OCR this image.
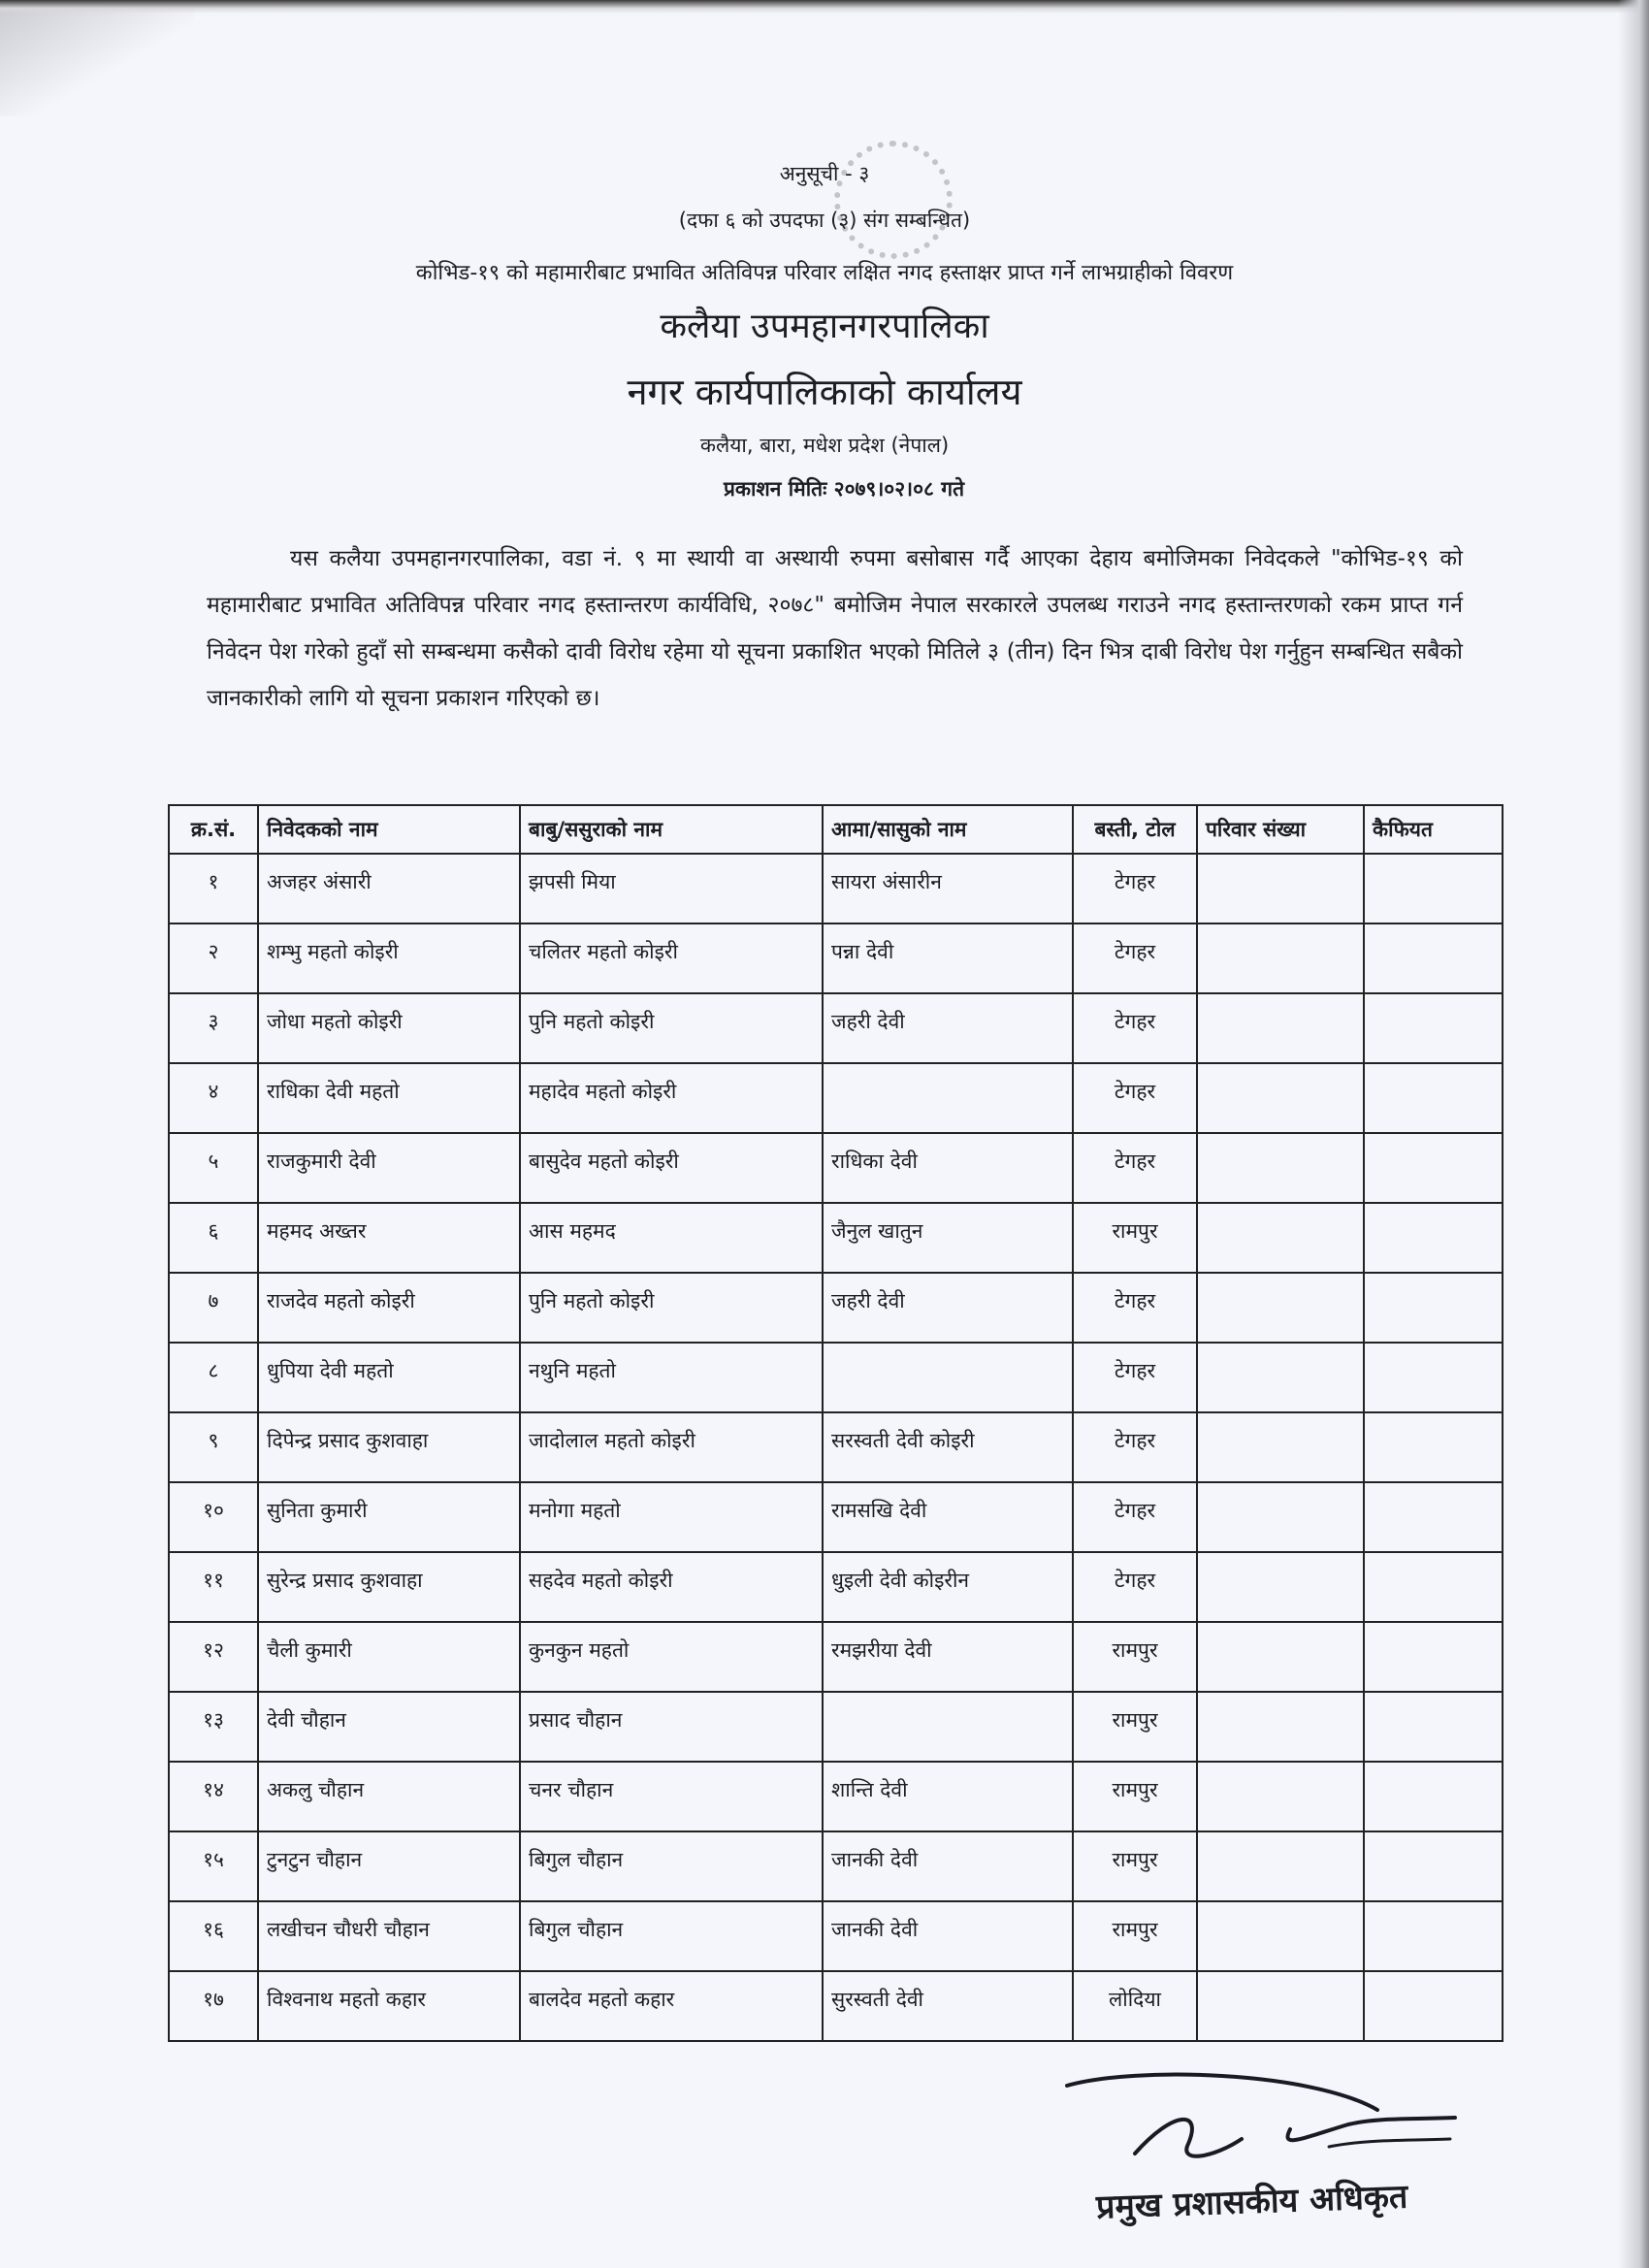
अनुसूची - ३
(दफा ६ को उपदफा (३) संग सम्बन्धित)
कोभिड-१९ को महामारीबाट प्रभावित अतिविपन्न परिवार लक्षित नगद हस्ताक्षर प्राप्त गर्ने लाभग्राहीको विवरण
कलैया उपमहानगरपालिका
नगर कार्यपालिकाको कार्यालय
कलैया, बारा, मधेश प्रदेश (नेपाल)
प्रकाशन मितिः २०७९।०२।०८ गते
यस कलैया उपमहानगरपालिका, वडा नं. ९ मा स्थायी वा अस्थायी रुपमा बसोबास गर्दै आएका देहाय बमोजिमका निवेदकले "कोभिड-१९ को महामारीबाट प्रभावित अतिविपन्न परिवार नगद हस्तान्तरण कार्यविधि, २०७८" बमोजिम नेपाल सरकारले उपलब्ध गराउने नगद हस्तान्तरणको रकम प्राप्त गर्न निवेदन पेश गरेको हुदाँ सो सम्बन्धमा कसैको दावी विरोध रहेमा यो सूचना प्रकाशित भएको मितिले ३ (तीन) दिन भित्र दाबी विरोध पेश गर्नुहुन सम्बन्धित सबैको जानकारीको लागि यो सूचना प्रकाशन गरिएको छ।
क्र.सं.	निवेदकको नाम	बाबु/ससुराको नाम	आमा/सासुको नाम	बस्ती, टोल	परिवार संख्या	कैफियत
१	अजहर अंसारी	झपसी मिया	सायरा अंसारीन	टेगहर		
२	शम्भु महतो कोइरी	चलितर महतो कोइरी	पन्ना देवी	टेगहर		
३	जोधा महतो कोइरी	पुनि महतो कोइरी	जहरी देवी	टेगहर		
४	राधिका देवी महतो	महादेव महतो कोइरी		टेगहर		
५	राजकुमारी देवी	बासुदेव महतो कोइरी	राधिका देवी	टेगहर		
६	महमद अख्तर	आस महमद	जैनुल खातुन	रामपुर		
७	राजदेव महतो कोइरी	पुनि महतो कोइरी	जहरी देवी	टेगहर		
८	धुपिया देवी महतो	नथुनि महतो		टेगहर		
९	दिपेन्द्र प्रसाद कुशवाहा	जादोलाल महतो कोइरी	सरस्वती देवी कोइरी	टेगहर		
१०	सुनिता कुमारी	मनोगा महतो	रामसखि देवी	टेगहर		
११	सुरेन्द्र प्रसाद कुशवाहा	सहदेव महतो कोइरी	धुइली देवी कोइरीन	टेगहर		
१२	चैली कुमारी	कुनकुन महतो	रमझरीया देवी	रामपुर		
१३	देवी चौहान	प्रसाद चौहान		रामपुर		
१४	अकलु चौहान	चनर चौहान	शान्ति देवी	रामपुर		
१५	टुनटुन चौहान	बिगुल चौहान	जानकी देवी	रामपुर		
१६	लखीचन चौधरी चौहान	बिगुल चौहान	जानकी देवी	रामपुर		
१७	विश्वनाथ महतो कहार	बालदेव महतो कहार	सुरस्वती देवी	लोदिया		
प्रमुख प्रशासकीय अधिकृत
